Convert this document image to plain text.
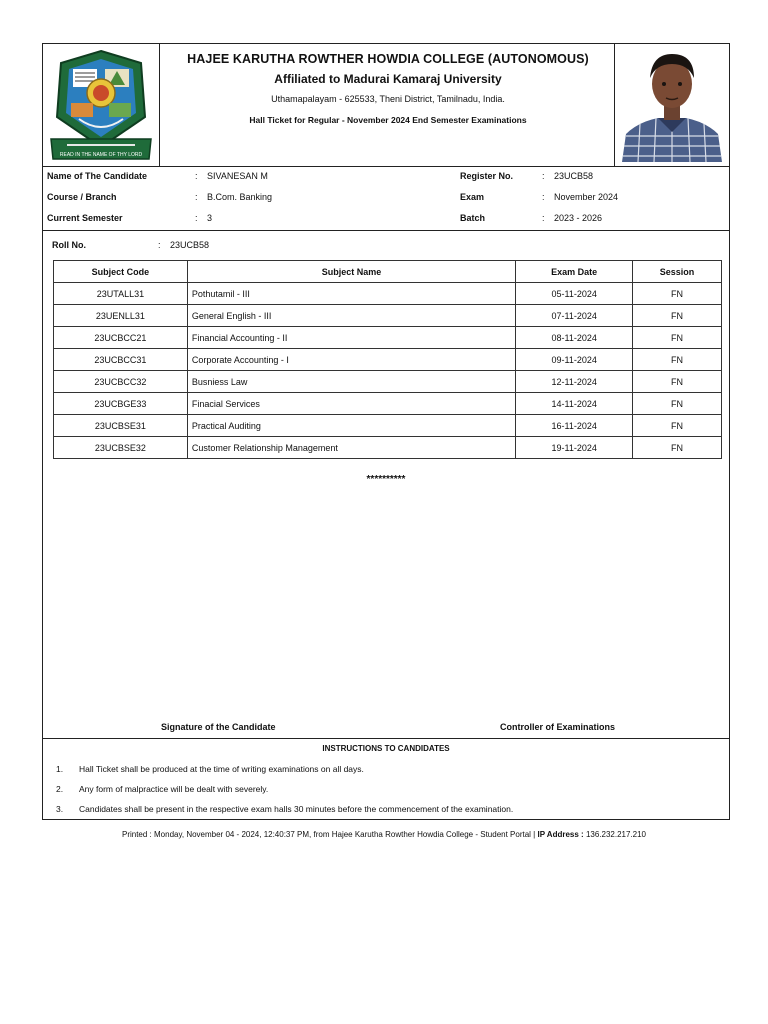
READ IN THE NAME OF THY LORD
HAJEE KARUTHA ROWTHER HOWDIA COLLEGE (AUTONOMOUS)
Affiliated to Madurai Kamaraj University
Uthamapalayam - 625533, Theni District, Tamilnadu, India.
Hall Ticket for Regular - November 2024 End Semester Examinations
Name of The Candidate	: SIVANESAN M	Register No.	: 23UCB58
Course / Branch	: B.Com. Banking	Exam	: November 2024
Current Semester	: 3	Batch	: 2023 - 2026
Roll No.	: 23UCB58
Subject Code	Subject Name	Exam Date	Session
23UTALL31	Pothutamil - III	05-11-2024	FN
23UENLL31	General English - III	07-11-2024	FN
23UCBCC21	Financial Accounting - II	08-11-2024	FN
23UCBCC31	Corporate Accounting - I	09-11-2024	FN
23UCBCC32	Busniess Law	12-11-2024	FN
23UCBGE33	Finacial Services	14-11-2024	FN
23UCBSE31	Practical Auditing	16-11-2024	FN
23UCBSE32	Customer Relationship Management	19-11-2024	FN
**********
Signature of the Candidate	Controller of Examinations
INSTRUCTIONS TO CANDIDATES
1. Hall Ticket shall be produced at the time of writing examinations on all days.
2. Any form of malpractice will be dealt with severely.
3. Candidates shall be present in the respective exam halls 30 minutes before the commencement of the examination.
Printed : Monday, November 04 - 2024, 12:40:37 PM, from Hajee Karutha Rowther Howdia College - Student Portal | IP Address : 136.232.217.210
